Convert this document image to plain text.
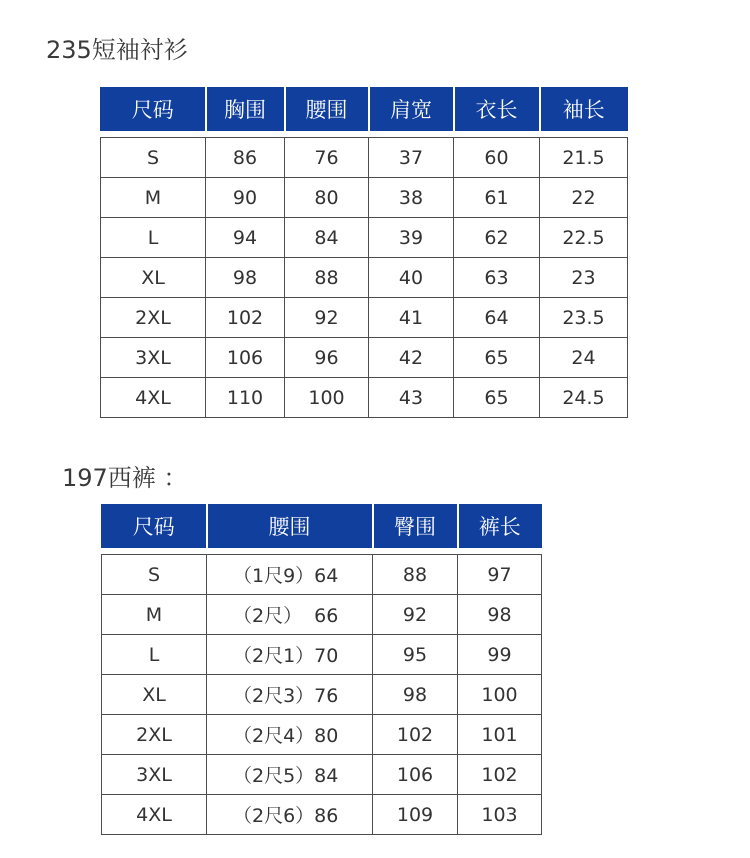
235短袖衬衫
尺码	胸围	腰围	肩宽	衣长	袖长

S	86	76	37	60	21.5
M	90	80	38	61	22
L	94	84	39	62	22.5
XL	98	88	40	63	23
2XL	102	92	41	64	23.5
3XL	106	96	42	65	24
4XL	110	100	43	65	24.5
197西裤 ：
尺码	腰围	臀围	裤长

S	（1尺9）64	88	97
M	（2尺）  66	92	98
L	（2尺1）70	95	99
XL	（2尺3）76	98	100
2XL	（2尺4）80	102	101
3XL	（2尺5）84	106	102
4XL	（2尺6）86	109	103
